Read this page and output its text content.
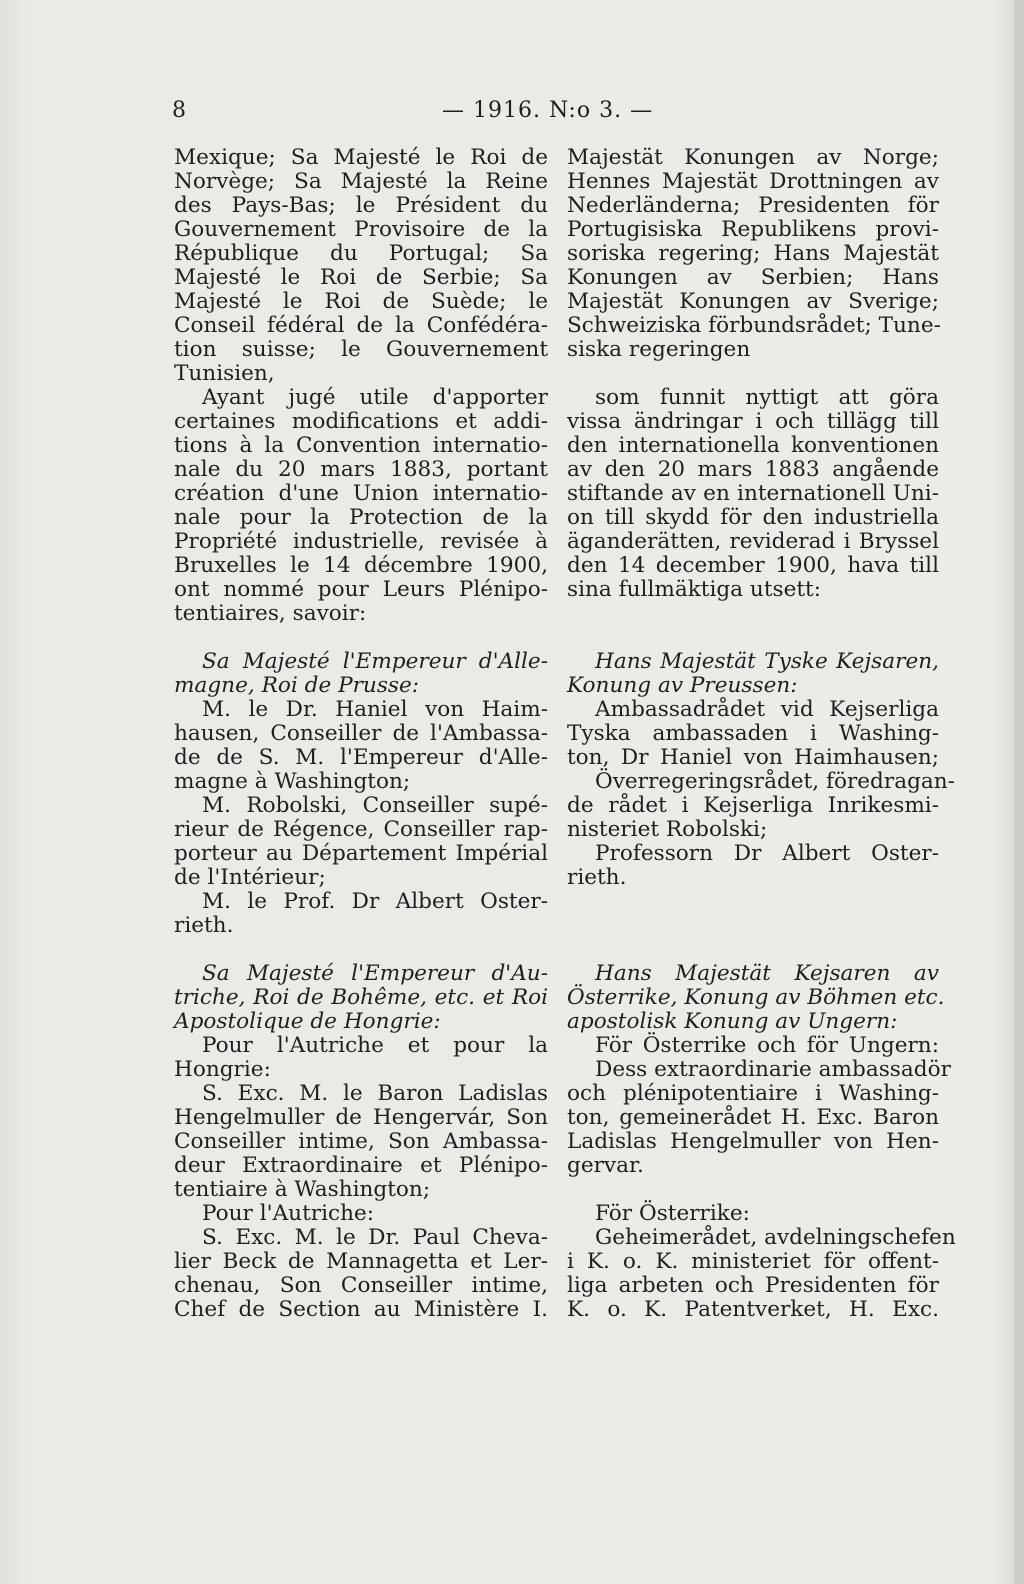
8	— 1916. N:o 3. —
Mexique; Sa Majesté le Roi de
Norvège; Sa Majesté la Reine
des Pays-Bas; le Président du
Gouvernement Provisoire de la
République du Portugal; Sa
Majesté le Roi de Serbie; Sa
Majesté le Roi de Suède; le
Conseil fédéral de la Confédéra-
tion suisse; le Gouvernement
Tunisien,
Ayant jugé utile d'apporter
certaines modifications et addi-
tions à la Convention internatio-
nale du 20 mars 1883, portant
création d'une Union internatio-
nale pour la Protection de la
Propriété industrielle, revisée à
Bruxelles le 14 décembre 1900,
ont nommé pour Leurs Plénipo-
tentiaires, savoir:
Sa Majesté l'Empereur d'Alle-
magne, Roi de Prusse:
M. le Dr. Haniel von Haim-
hausen, Conseiller de l'Ambassa-
de de S. M. l'Empereur d'Alle-
magne à Washington;
M. Robolski, Conseiller supé-
rieur de Régence, Conseiller rap-
porteur au Département Impérial
de l'Intérieur;
M. le Prof. Dr Albert Oster-
rieth.
Sa Majesté l'Empereur d'Au-
triche, Roi de Bohême, etc. et Roi
Apostolique de Hongrie:
Pour l'Autriche et pour la
Hongrie:
S. Exc. M. le Baron Ladislas
Hengelmuller de Hengervár, Son
Conseiller intime, Son Ambassa-
deur Extraordinaire et Plénipo-
tentiaire à Washington;
Pour l'Autriche:
S. Exc. M. le Dr. Paul Cheva-
lier Beck de Mannagetta et Ler-
chenau, Son Conseiller intime,
Chef de Section au Ministère I.
Majestät Konungen av Norge;
Hennes Majestät Drottningen av
Nederländerna; Presidenten för
Portugisiska Republikens provi-
soriska regering; Hans Majestät
Konungen av Serbien; Hans
Majestät Konungen av Sverige;
Schweiziska förbundsrådet; Tune-
siska regeringen
som funnit nyttigt att göra
vissa ändringar i och tillägg till
den internationella konventionen
av den 20 mars 1883 angående
stiftande av en internationell Uni-
on till skydd för den industriella
äganderätten, reviderad i Bryssel
den 14 december 1900, hava till
sina fullmäktiga utsett:
Hans Majestät Tyske Kejsaren,
Konung av Preussen:
Ambassadrådet vid Kejserliga
Tyska ambassaden i Washing-
ton, Dr Haniel von Haimhausen;
Överregeringsrådet, föredragan-
de rådet i Kejserliga Inrikesmi-
nisteriet Robolski;
Professorn Dr Albert Oster-
rieth.
Hans Majestät Kejsaren av
Österrike, Konung av Böhmen etc.
apostolisk Konung av Ungern:
För Österrike och för Ungern:
Dess extraordinarie ambassadör
och plénipotentiaire i Washing-
ton, gemeinerådet H. Exc. Baron
Ladislas Hengelmuller von Hen-
gervar.
För Österrike:
Geheimerådet, avdelningschefen
i K. o. K. ministeriet för offent-
liga arbeten och Presidenten för
K. o. K. Patentverket, H. Exc.
